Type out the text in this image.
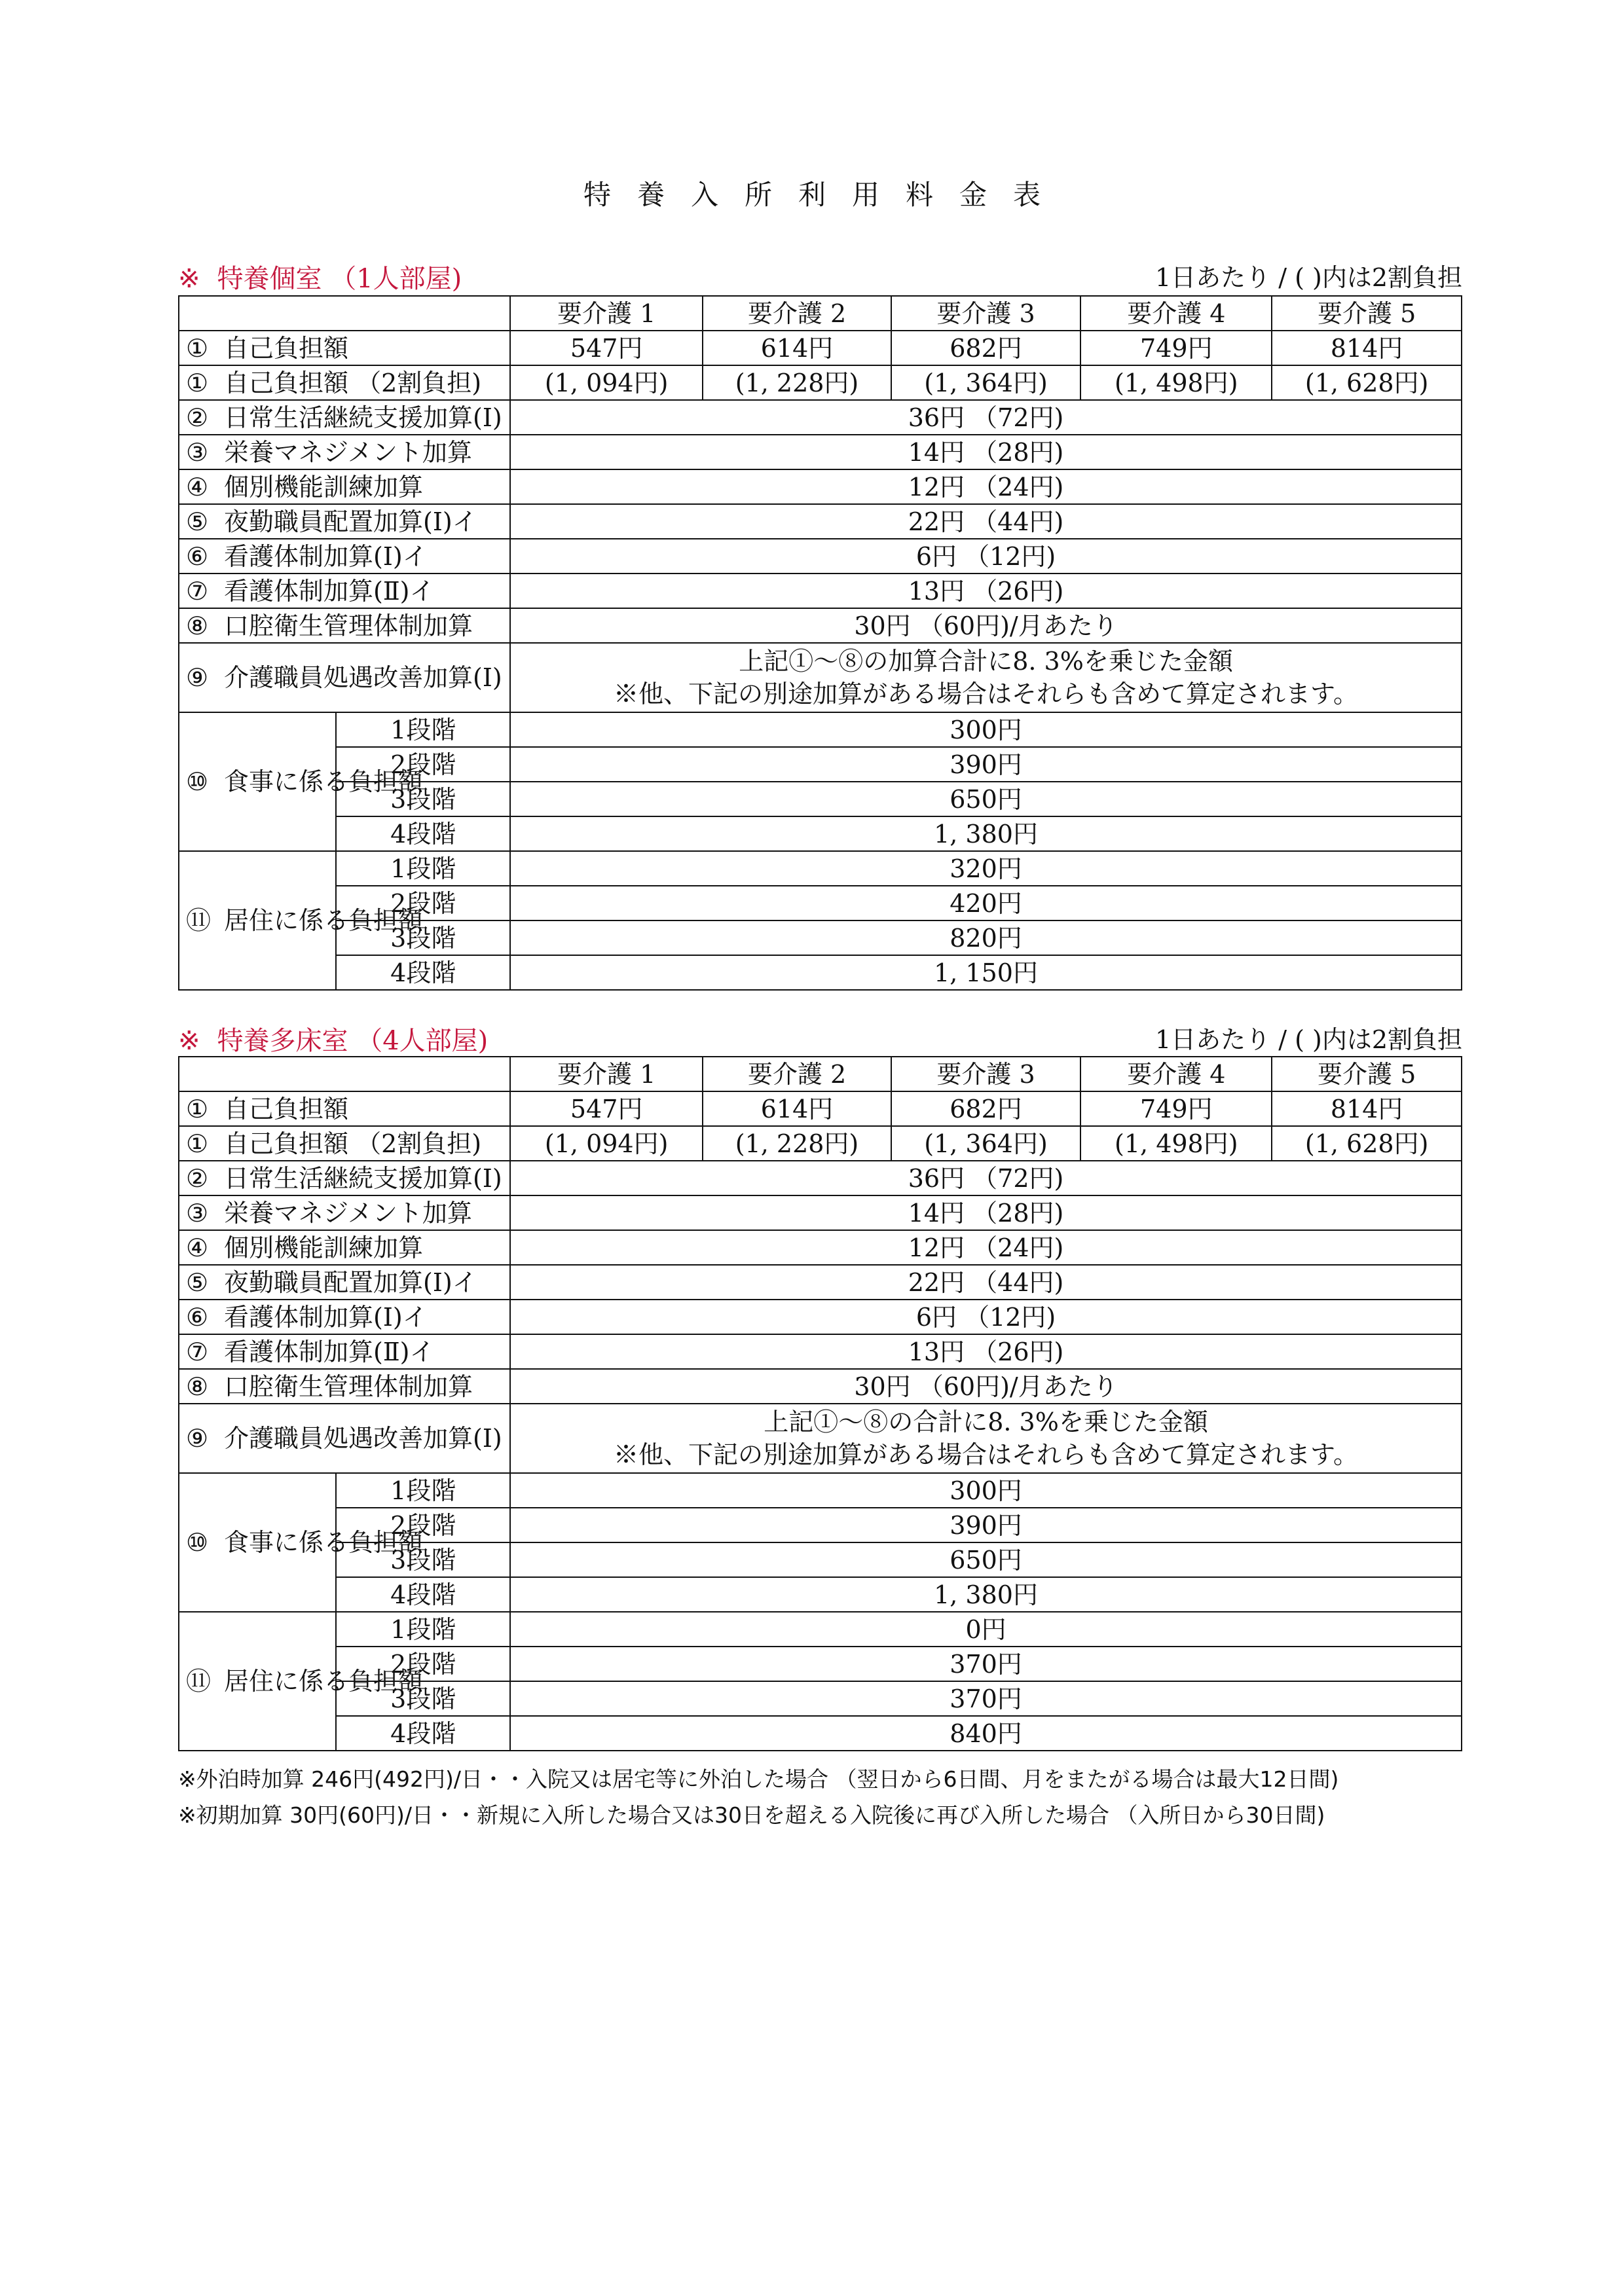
特養入所利用料金表
※ 特養個室 （1人部屋)	1日あたり / ( )内は2割負担
		要介護 1	要介護 2	要介護 3	要介護 4	要介護 5
① 自己負担額		547円	614円	682円	749円	814円
① 自己負担額 （2割負担)		(1, 094円)	(1, 228円)	(1, 364円)	(1, 498円)	(1, 628円)
② 日常生活継続支援加算(Ⅰ)		36円 （72円)				
③ 栄養マネジメント加算		14円 （28円)				
④ 個別機能訓練加算		12円 （24円)				
⑤ 夜勤職員配置加算(Ⅰ)イ		22円 （44円)				
⑥ 看護体制加算(Ⅰ)イ		6円 （12円)				
⑦ 看護体制加算(Ⅱ)イ		13円 （26円)				
⑧ 口腔衛生管理体制加算		30円 （60円)/月あたり				
⑨ 介護職員処遇改善加算(Ⅰ)		上記①～⑧の加算合計に8. 3%を乗じた金額
※他、下記の別途加算がある場合はそれらも含めて算定されます。				

⑩ 食事に係る負担額	1段階	300円				
	2段階	390円				
	3段階	650円				
	4段階	1, 380円				
⑪ 居住に係る負担額	1段階	320円				
	2段階	420円				
	3段階	820円				
	4段階	1, 150円				
※ 特養多床室 （4人部屋)	1日あたり / ( )内は2割負担
		要介護 1	要介護 2	要介護 3	要介護 4	要介護 5
① 自己負担額		547円	614円	682円	749円	814円
① 自己負担額 （2割負担)		(1, 094円)	(1, 228円)	(1, 364円)	(1, 498円)	(1, 628円)
② 日常生活継続支援加算(Ⅰ)		36円 （72円)				
③ 栄養マネジメント加算		14円 （28円)				
④ 個別機能訓練加算		12円 （24円)				
⑤ 夜勤職員配置加算(Ⅰ)イ		22円 （44円)				
⑥ 看護体制加算(Ⅰ)イ		6円 （12円)				
⑦ 看護体制加算(Ⅱ)イ		13円 （26円)				
⑧ 口腔衛生管理体制加算		30円 （60円)/月あたり				
⑨ 介護職員処遇改善加算(Ⅰ)		上記①～⑧の合計に8. 3%を乗じた金額
※他、下記の別途加算がある場合はそれらも含めて算定されます。				

⑩ 食事に係る負担額	1段階	300円				
	2段階	390円				
	3段階	650円				
	4段階	1, 380円				
⑪ 居住に係る負担額	1段階	0円				
	2段階	370円				
	3段階	370円				
	4段階	840円				
※外泊時加算 246円(492円)/日・・入院又は居宅等に外泊した場合 （翌日から6日間、月をまたがる場合は最大12日間)
※初期加算 30円(60円)/日・・新規に入所した場合又は30日を超える入院後に再び入所した場合 （入所日から30日間)
